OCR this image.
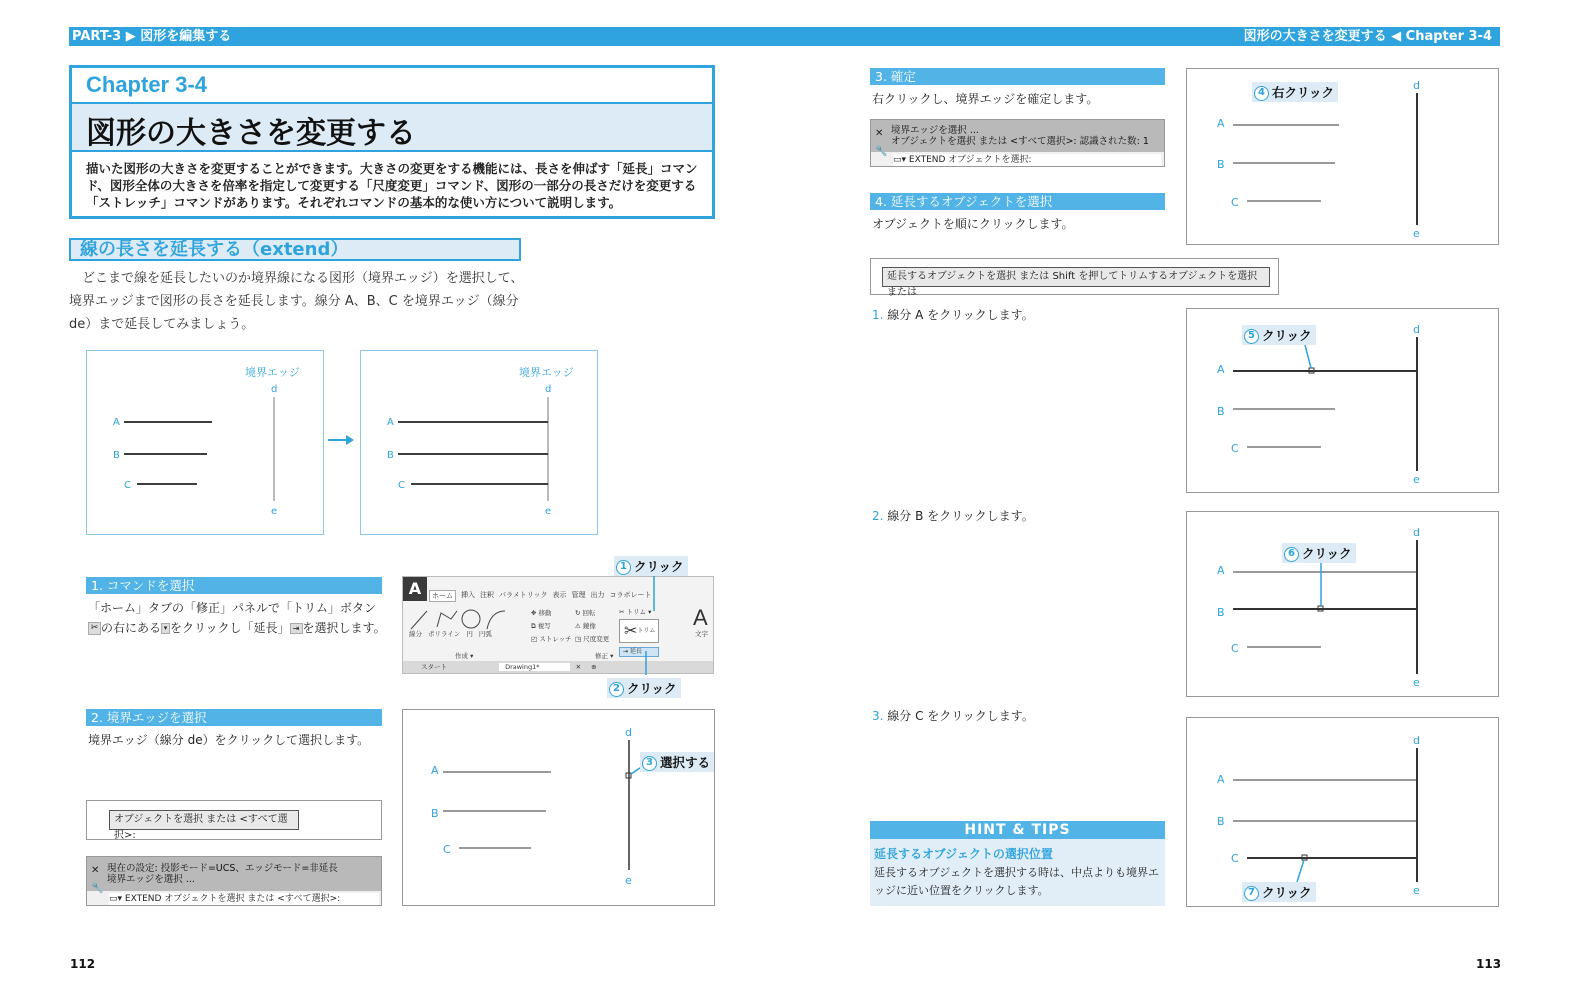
PART-3 ▶ 図形を編集する	図形の大きさを変更する ◀ Chapter 3-4
Chapter 3-4
図形の大きさを変更する
描いた図形の大きさを変更することができます。大きさの変更をする機能には、長さを伸ばす「延長」コマンド、図形全体の大きさを倍率を指定して変更する「尺度変更」コマンド、図形の一部分の長さだけを変更する「ストレッチ」コマンドがあります。それぞれコマンドの基本的な使い方について説明します。
線の長さを延長する（extend）
　どこまで線を延長したいのか境界線になる図形（境界エッジ）を選択して、境界エッジまで図形の長さを延長します。線分 A、B、C を境界エッジ（線分 de）まで延長してみましょう。
境界エッジ
d
e
A
B
C
境界エッジ
d
e
A
B
C
1. コマンドを選択
「ホーム」タブの「修正」パネルで「トリム」ボタン
✂ の右にある ▾ をクリックし「延長」 ⇥ を選択します。
A	ホーム	挿入 注釈 パラメトリック 表示 管理 出力 コラボレート
線分 ポリライン 円 円弧
作成 ▾
✥ 移動
⧉ 複写
◰ ストレッチ
↻ 回転
⚠ 鏡像
◳ 尺度変更
✂ トリム ▾
✂トリム
⇥ 延長
修正 ▾
A
文字
スタート	Drawing1*	✕ ⊕
1 クリック
2 クリック
2. 境界エッジを選択
境界エッジ（線分 de）をクリックして選択します。
オブジェクトを選択 または <すべて選択>:
現在の設定: 投影モード=UCS、エッジモード=非延長
境界エッジを選択 ...
✕
🔧
▭▾ EXTEND オブジェクトを選択 または <すべて選択>:
d
e
A
B
C
3 選択する
112
3. 確定
右クリックし、境界エッジを確定します。
境界エッジを選択 ...
オブジェクトを選択 または <すべて選択>: 認識された数: 1
✕
🔧
▭▾ EXTEND オブジェクトを選択:
4. 延長するオブジェクトを選択
オブジェクトを順にクリックします。
延長するオブジェクトを選択 または Shift を押してトリムするオブジェクトを選択 または
d
e
A
B
C
4 右クリック
1. 線分 A をクリックします。
d
e
A
B
C
5 クリック
2. 線分 B をクリックします。
d
e
A
B
C
6 クリック
3. 線分 C をクリックします。
d
e
A
B
C
7 クリック
HINT & TIPS
延長するオブジェクトの選択位置
延長するオブジェクトを選択する時は、中点よりも境界エッジに近い位置をクリックします。
113
